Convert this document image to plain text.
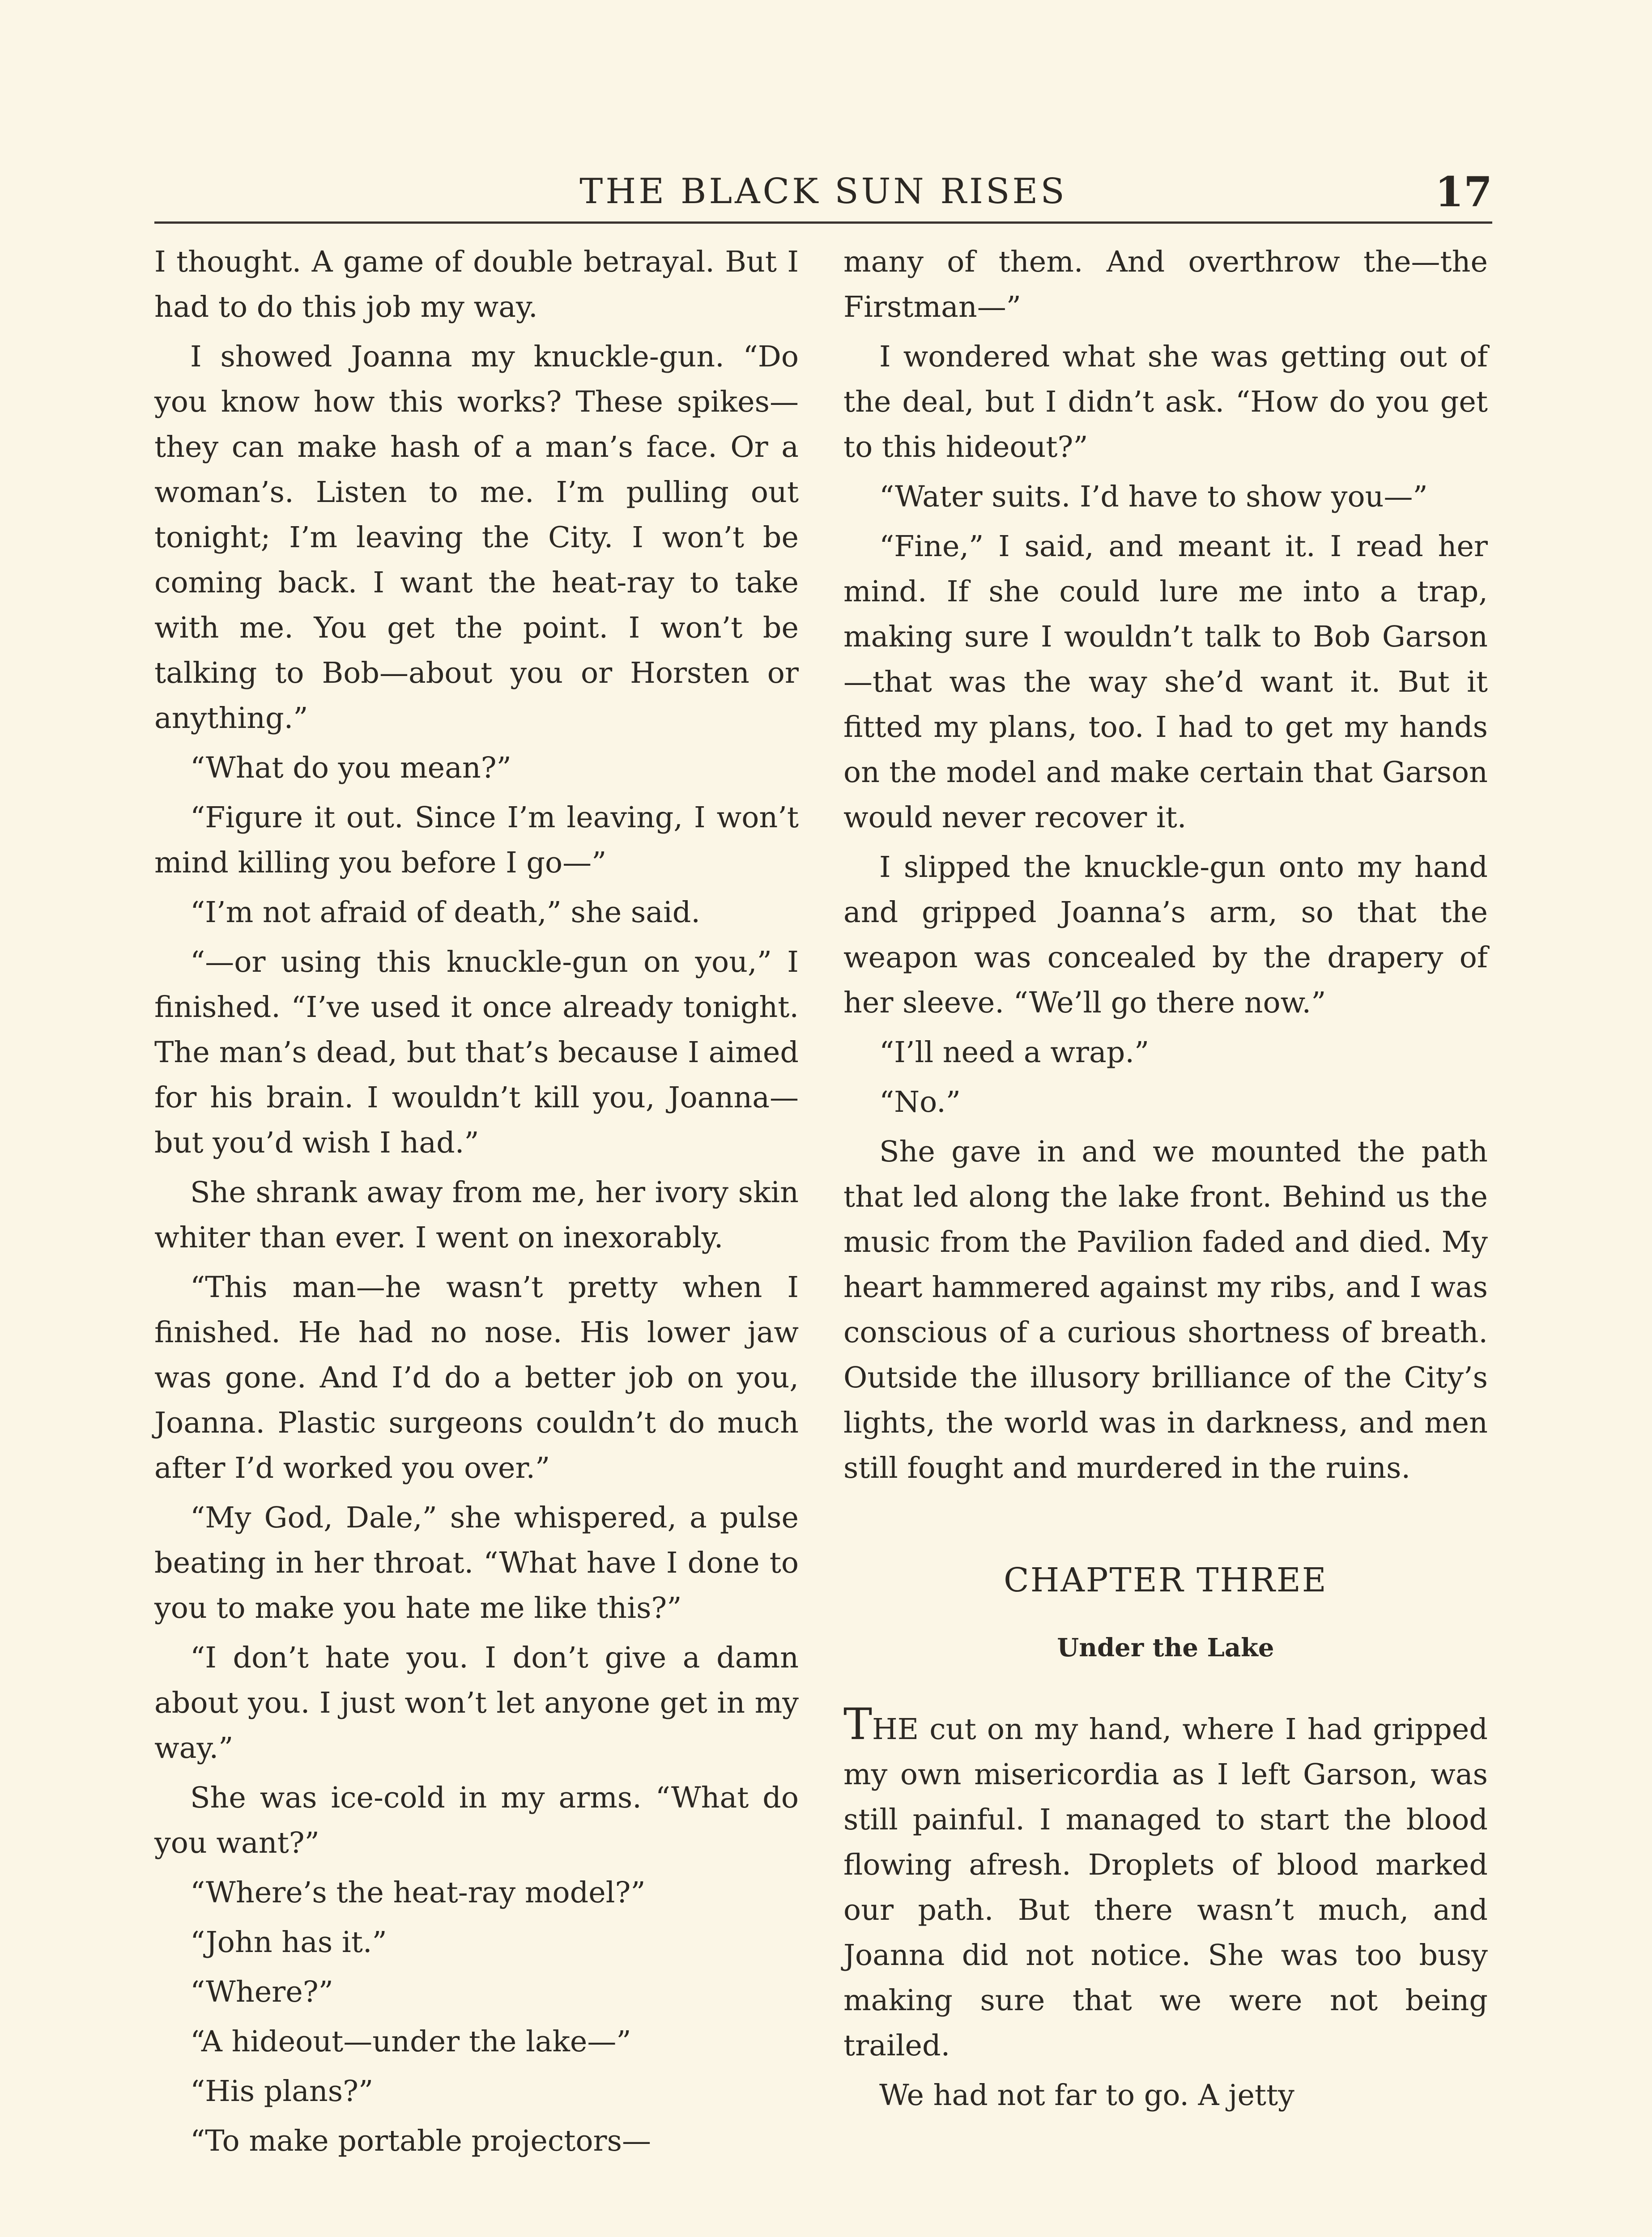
THE BLACK SUN RISES	17

I thought. A game of double betrayal. But I had to do this job my way.

I showed Joanna my knuckle-gun. “Do you know how this works? These spikes—they can make hash of a man’s face. Or a woman’s. Listen to me. I’m pulling out tonight; I’m leaving the City. I won’t be coming back. I want the heat-ray to take with me. You get the point. I won’t be talking to Bob—about you or Horsten or anything.”

“What do you mean?”

“Figure it out. Since I’m leaving, I won’t mind killing you before I go—”

“I’m not afraid of death,” she said.

“—or using this knuckle-gun on you,” I finished. “I’ve used it once already tonight. The man’s dead, but that’s because I aimed for his brain. I wouldn’t kill you, Joanna—but you’d wish I had.”

She shrank away from me, her ivory skin whiter than ever. I went on inexorably.

“This man—he wasn’t pretty when I finished. He had no nose. His lower jaw was gone. And I’d do a better job on you, Joanna. Plastic surgeons couldn’t do much after I’d worked you over.”

“My God, Dale,” she whispered, a pulse beating in her throat. “What have I done to you to make you hate me like this?”

“I don’t hate you. I don’t give a damn about you. I just won’t let anyone get in my way.”

She was ice-cold in my arms. “What do you want?”

“Where’s the heat-ray model?”

“John has it.”

“Where?”

“A hideout—under the lake—”

“His plans?”

“To make portable projectors—

many of them. And overthrow the—the Firstman—”

I wondered what she was getting out of the deal, but I didn’t ask. “How do you get to this hideout?”

“Water suits. I’d have to show you—”

“Fine,” I said, and meant it. I read her mind. If she could lure me into a trap, making sure I wouldn’t talk to Bob Garson—that was the way she’d want it. But it fitted my plans, too. I had to get my hands on the model and make certain that Garson would never recover it.

I slipped the knuckle-gun onto my hand and gripped Joanna’s arm, so that the weapon was concealed by the drapery of her sleeve. “We’ll go there now.”

“I’ll need a wrap.”

“No.”

She gave in and we mounted the path that led along the lake front. Behind us the music from the Pavilion faded and died. My heart hammered against my ribs, and I was conscious of a curious shortness of breath. Outside the illusory brilliance of the City’s lights, the world was in darkness, and men still fought and murdered in the ruins.

CHAPTER THREE
Under the Lake

THE cut on my hand, where I had gripped my own misericordia as I left Garson, was still painful. I managed to start the blood flowing afresh. Droplets of blood marked our path. But there wasn’t much, and Joanna did not notice. She was too busy making sure that we were not being trailed.

We had not far to go. A jetty
